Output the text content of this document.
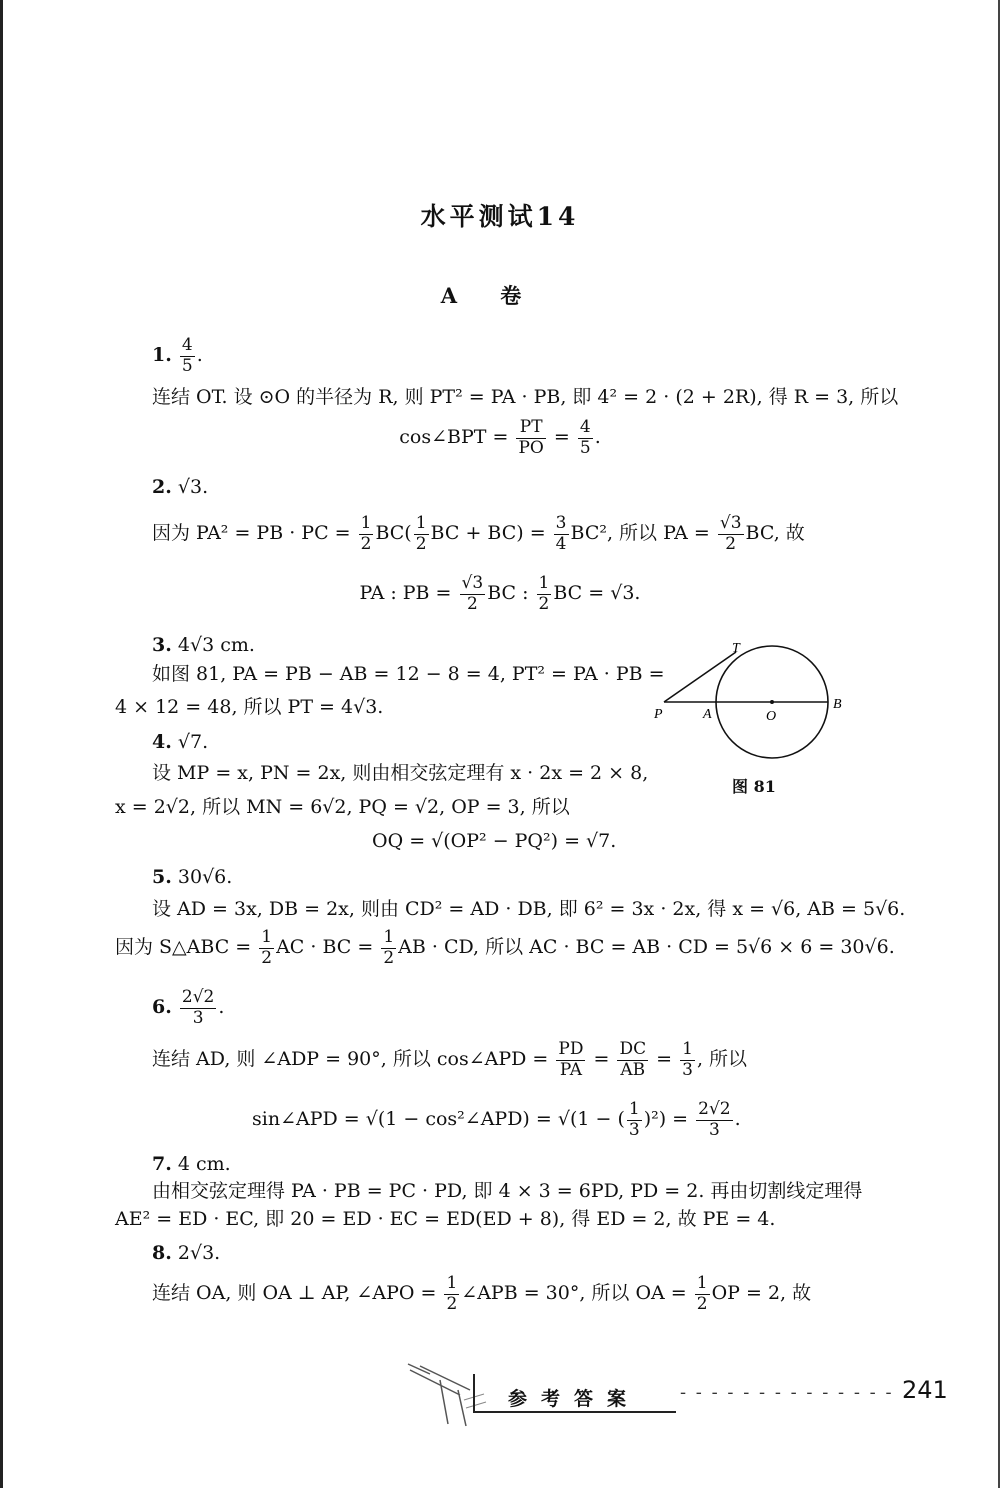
水平测试14
A 卷
1. $\frac{4}{5}$ .
连结 OT. 设 ⊙O 的半径为 R, 则 PT² = PA · PB, 即 4² = 2 · (2 + 2R), 得 R = 3, 所以
cos∠BPT = $\frac{PT}{PO} = \frac{4}{5}$ .
2. √3.
因为 PA² = PB · PC = $\frac{1}{2} BC( \frac{1}{2}$ BC + $BC) = \frac{3}{4} BC^2$, 所以 PA = $\frac{√3}{2}$ BC, 故
PA : PB = $\frac{√3}{2}$ BC : $\frac{1}{2}$ BC = √3.
3. 4√3 cm.
如图 81, PA = PB − AB = 12 − 8 = 4, PT² = PA · PB =
4 × 12 = 48, 所以 PT = 4√3.
T
P	A	O
B
图 81
4. √7.
设 MP = x, PN = 2x, 则由相交弦定理有 x · 2x = 2 × 8,
x = 2√2, 所以 MN = 6√2, PQ = √2, OP = 3, 所以
OQ = √(OP² − PQ²) = √7.
5. 30√6.
设 AD = 3x, DB = 2x, 则由 CD² = AD · DB, 即 6² = 3x · 2x, 得 x = √6, AB = 5√6.
因为 S△ABC = $\frac{1}{2}$ AC · BC = $\frac{1}{2}$ AB · CD, 所以 AC · BC = AB · CD = 5√6 × 6 = 30√6.
6. $\frac{2√2}{3}$ .
连结 AD, 则 ∠ADP = 90°, 所以 cos∠APD = $\frac{PD}{PA} = \frac{DC}{AB} = \frac{1}{3}$ , 所以
sin∠APD = √(1 − cos²∠APD) = √(1 − ( $\frac{1}{3} )^2) = \frac{2√2}{3}$ .
7. 4 cm.
由相交弦定理得 PA · PB = PC · PD, 即 4 × 3 = 6PD, PD = 2. 再由切割线定理得
AE² = ED · EC, 即 20 = ED · EC = ED(ED + 8), 得 ED = 2, 故 PE = 4.
8. 2√3.
连结 OA, 则 OA ⊥ AP, ∠APO = $\frac{1}{2}$ ∠APB = 30°, 所以 OA = $\frac{1}{2}$ OP = 2, 故
参考答案 - - - - - - - - - - - - - - 241
